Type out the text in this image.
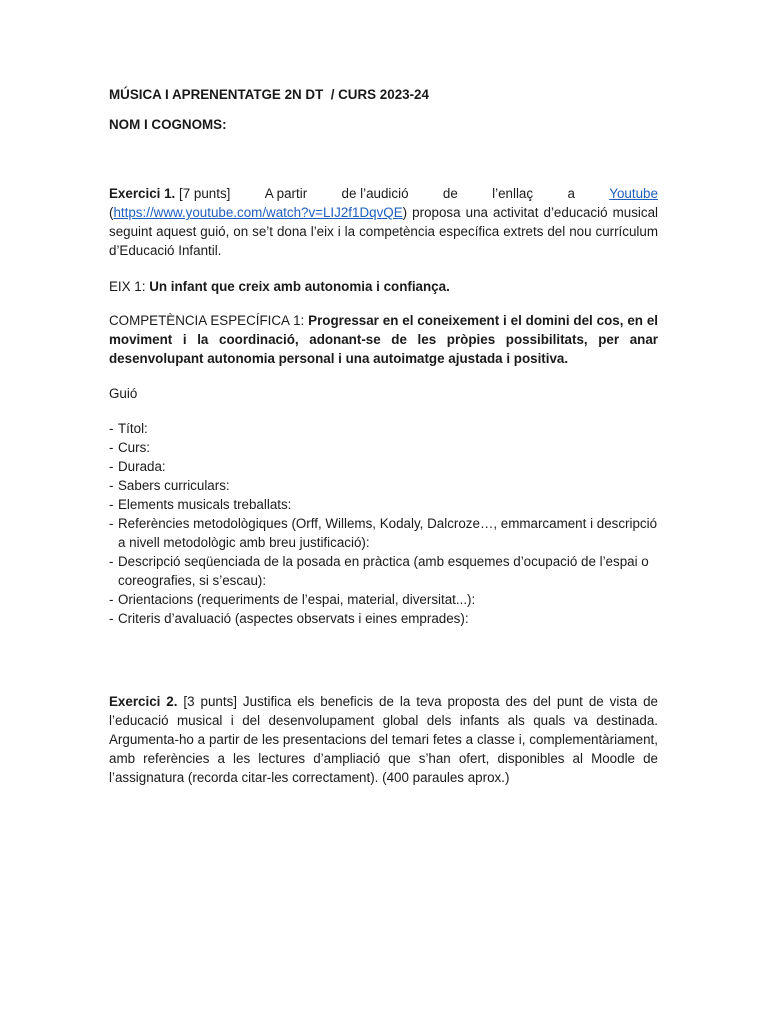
MÚSICA I APRENENTATGE 2N DT  / CURS 2023-24
NOM I COGNOMS:
Exercici 1. [7 punts]	A partir	de l’audició	de	l’enllaç	a	Youtube
(https://www.youtube.com/watch?v=LIJ2f1DqvQE) proposa una activitat d’educació musical seguint aquest guió, on se’t dona l’eix i la competència específica extrets del nou currículum d’Educació Infantil.
EIX 1: Un infant que creix amb autonomia i confiança.
COMPETÈNCIA ESPECÍFICA 1: Progressar en el coneixement i el domini del cos, en el moviment i la coordinació, adonant-se de les pròpies possibilitats, per anar desenvolupant autonomia personal i una autoimatge ajustada i positiva.
Guió
- Títol:
- Curs:
- Durada:
- Sabers curriculars:
- Elements musicals treballats:
- Referències metodològiques (Orff, Willems, Kodaly, Dalcroze…, emmarcament i descripció a nivell metodològic amb breu justificació):
- Descripció seqüenciada de la posada en pràctica (amb esquemes d’ocupació de l’espai o coreografies, si s’escau):
- Orientacions (requeriments de l’espai, material, diversitat...):
- Criteris d’avaluació (aspectes observats i eines emprades):
Exercici 2. [3 punts] Justifica els beneficis de la teva proposta des del punt de vista de l’educació musical i del desenvolupament global dels infants als quals va destinada. Argumenta-ho a partir de les presentacions del temari fetes a classe i, complementàriament, amb referències a les lectures d’ampliació que s’han ofert, disponibles al Moodle de l’assignatura (recorda citar-les correctament). (400 paraules aprox.)
